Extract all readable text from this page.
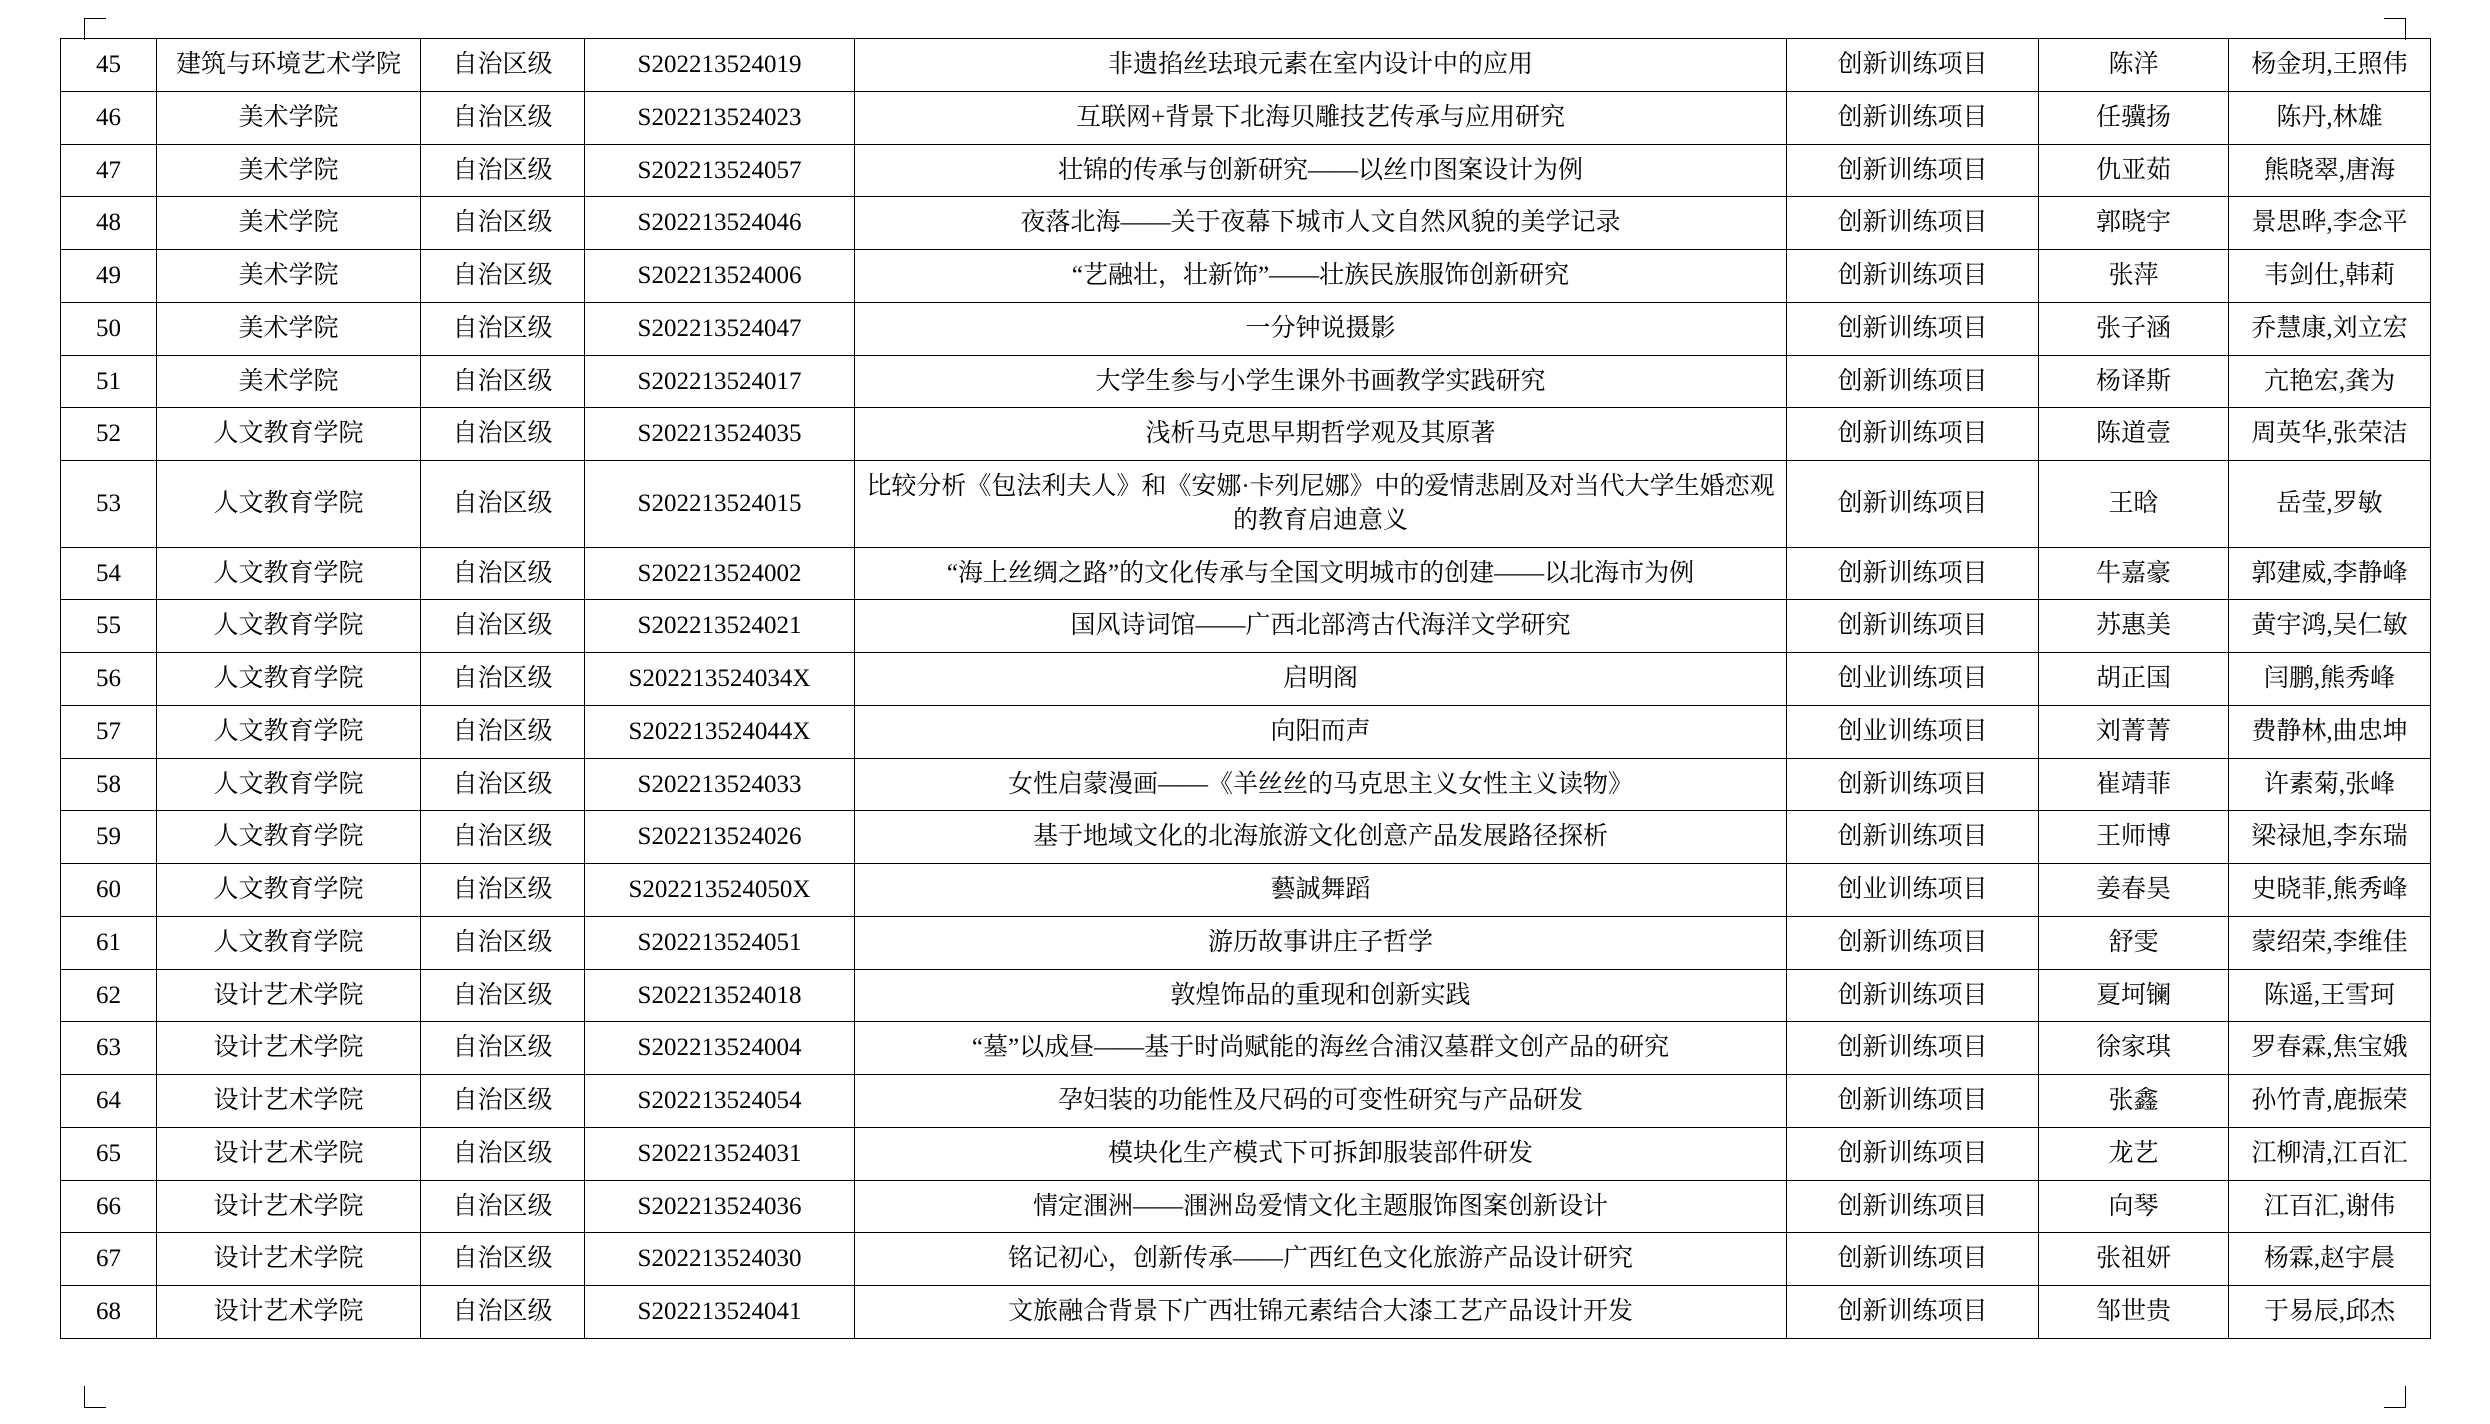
45	建筑与环境艺术学院	自治区级	S202213524019	非遗掐丝珐琅元素在室内设计中的应用	创新训练项目	陈洋	杨金玥,王照伟
46	美术学院	自治区级	S202213524023	互联网+背景下北海贝雕技艺传承与应用研究	创新训练项目	任骥扬	陈丹,林雄
47	美术学院	自治区级	S202213524057	壮锦的传承与创新研究——以丝巾图案设计为例	创新训练项目	仇亚茹	熊晓翠,唐海
48	美术学院	自治区级	S202213524046	夜落北海——关于夜幕下城市人文自然风貌的美学记录	创新训练项目	郭晓宇	景思晔,李念平
49	美术学院	自治区级	S202213524006	“艺融壮，壮新饰”——壮族民族服饰创新研究	创新训练项目	张萍	韦剑仕,韩莉
50	美术学院	自治区级	S202213524047	一分钟说摄影	创新训练项目	张子涵	乔慧康,刘立宏
51	美术学院	自治区级	S202213524017	大学生参与小学生课外书画教学实践研究	创新训练项目	杨译斯	亢艳宏,龚为
52	人文教育学院	自治区级	S202213524035	浅析马克思早期哲学观及其原著	创新训练项目	陈道壹	周英华,张荣洁
53	人文教育学院	自治区级	S202213524015	比较分析《包法利夫人》和《安娜·卡列尼娜》中的爱情悲剧及对当代大学生婚恋观的教育启迪意义	创新训练项目	王晗	岳莹,罗敏
54	人文教育学院	自治区级	S202213524002	“海上丝绸之路”的文化传承与全国文明城市的创建——以北海市为例	创新训练项目	牛嘉豪	郭建威,李静峰
55	人文教育学院	自治区级	S202213524021	国风诗词馆——广西北部湾古代海洋文学研究	创新训练项目	苏惠美	黄宇鸿,吴仁敏
56	人文教育学院	自治区级	S202213524034X	启明阁	创业训练项目	胡正国	闫鹏,熊秀峰
57	人文教育学院	自治区级	S202213524044X	向阳而声	创业训练项目	刘菁菁	费静林,曲忠坤
58	人文教育学院	自治区级	S202213524033	女性启蒙漫画——《羊丝丝的马克思主义女性主义读物》	创新训练项目	崔靖菲	许素菊,张峰
59	人文教育学院	自治区级	S202213524026	基于地域文化的北海旅游文化创意产品发展路径探析	创新训练项目	王师博	梁禄旭,李东瑞
60	人文教育学院	自治区级	S202213524050X	藝誠舞蹈	创业训练项目	姜春昊	史晓菲,熊秀峰
61	人文教育学院	自治区级	S202213524051	游历故事讲庄子哲学	创新训练项目	舒雯	蒙绍荣,李维佳
62	设计艺术学院	自治区级	S202213524018	敦煌饰品的重现和创新实践	创新训练项目	夏坷镧	陈遥,王雪珂
63	设计艺术学院	自治区级	S202213524004	“墓”以成昼——基于时尚赋能的海丝合浦汉墓群文创产品的研究	创新训练项目	徐家琪	罗春霖,焦宝娥
64	设计艺术学院	自治区级	S202213524054	孕妇装的功能性及尺码的可变性研究与产品研发	创新训练项目	张鑫	孙竹青,鹿振荣
65	设计艺术学院	自治区级	S202213524031	模块化生产模式下可拆卸服装部件研发	创新训练项目	龙艺	江柳清,江百汇
66	设计艺术学院	自治区级	S202213524036	情定涠洲——涠洲岛爱情文化主题服饰图案创新设计	创新训练项目	向琴	江百汇,谢伟
67	设计艺术学院	自治区级	S202213524030	铭记初心，创新传承——广西红色文化旅游产品设计研究	创新训练项目	张祖妍	杨霖,赵宇晨
68	设计艺术学院	自治区级	S202213524041	文旅融合背景下广西壮锦元素结合大漆工艺产品设计开发	创新训练项目	邹世贵	于易辰,邱杰
